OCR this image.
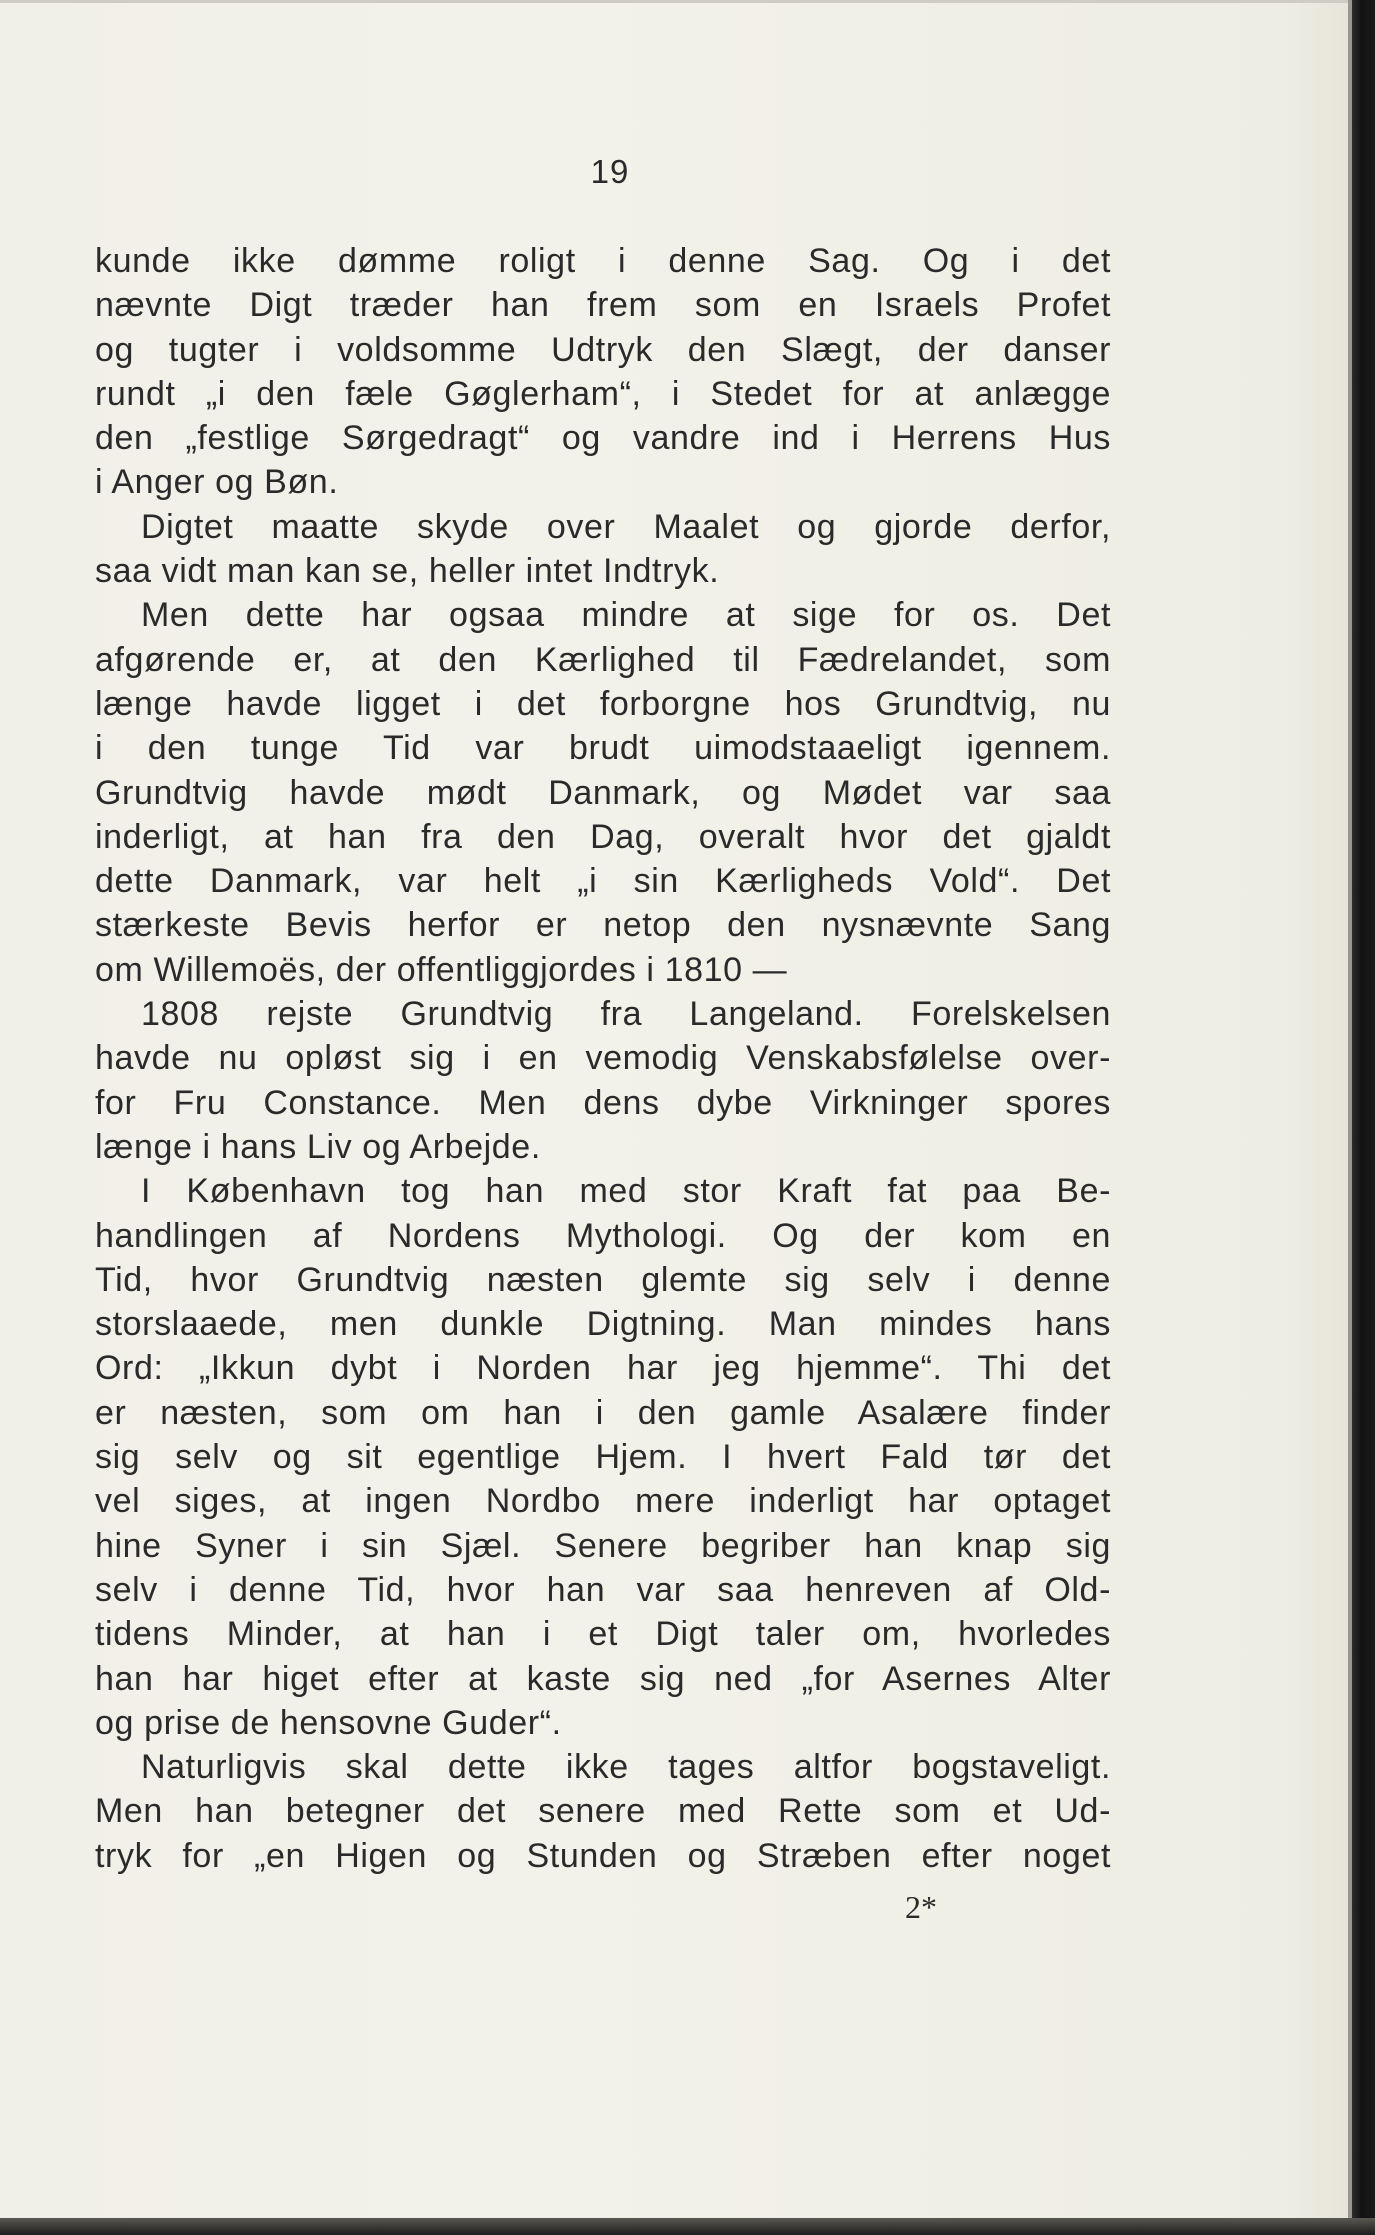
19
kunde ikke dømme roligt i denne Sag. Og i det
nævnte Digt træder han frem som en Israels Profet
og tugter i voldsomme Udtryk den Slægt, der danser
rundt „i den fæle Gøglerham“, i Stedet for at anlægge
den „festlige Sørgedragt“ og vandre ind i Herrens Hus
i Anger og Bøn.
Digtet maatte skyde over Maalet og gjorde derfor,
saa vidt man kan se, heller intet Indtryk.
Men dette har ogsaa mindre at sige for os. Det
afgørende er, at den Kærlighed til Fædrelandet, som
længe havde ligget i det forborgne hos Grundtvig, nu
i den tunge Tid var brudt uimodstaaeligt igennem.
Grundtvig havde mødt Danmark, og Mødet var saa
inderligt, at han fra den Dag, overalt hvor det gjaldt
dette Danmark, var helt „i sin Kærligheds Vold“. Det
stærkeste Bevis herfor er netop den nysnævnte Sang
om Willemoës, der offentliggjordes i 1810 —
1808 rejste Grundtvig fra Langeland. Forelskelsen
havde nu opløst sig i en vemodig Venskabsfølelse over-
for Fru Constance. Men dens dybe Virkninger spores
længe i hans Liv og Arbejde.
I København tog han med stor Kraft fat paa Be-
handlingen af Nordens Mythologi. Og der kom en
Tid, hvor Grundtvig næsten glemte sig selv i denne
storslaaede, men dunkle Digtning. Man mindes hans
Ord: „Ikkun dybt i Norden har jeg hjemme“. Thi det
er næsten, som om han i den gamle Asalære finder
sig selv og sit egentlige Hjem. I hvert Fald tør det
vel siges, at ingen Nordbo mere inderligt har optaget
hine Syner i sin Sjæl. Senere begriber han knap sig
selv i denne Tid, hvor han var saa henreven af Old-
tidens Minder, at han i et Digt taler om, hvorledes
han har higet efter at kaste sig ned „for Asernes Alter
og prise de hensovne Guder“.
Naturligvis skal dette ikke tages altfor bogstaveligt.
Men han betegner det senere med Rette som et Ud-
tryk for „en Higen og Stunden og Stræben efter noget
2*
